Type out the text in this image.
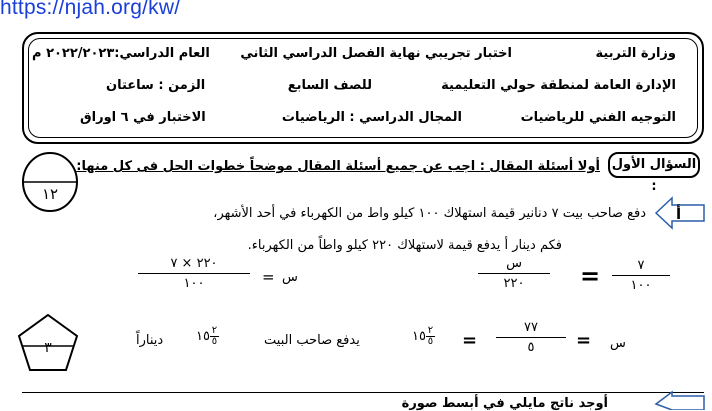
https://njah.org/kw/
وزارة التربية
اختبار تجريبي نهاية الفصل الدراسي الثاني
العام الدراسي:٢٠٢٢/٢٠٢٣ م
الإدارة العامة لمنطقة حولي التعليمية
للصف السابع
الزمن : ساعتان
التوجيه الفني للرياضيات
المجال الدراسي : الرياضيات
الاختبار في ٦ اوراق
١٢
السؤال الأول :
أولا أسئلة المقال : اجب عن جميع أسئلة المقال موضحاً خطوات الحل فى كل منها:
أ
دفع صاحب بيت ٧ دنانير قيمة استهلاك ١٠٠ كيلو واط من الكهرباء في أحد الأشهر،
فكم دينار أ يدفع قيمة لاستهلاك ٢٢٠ كيلو واطاً من الكهرباء.
٧
١٠٠
=
س
٢٢٠
س
=
٢٢٠ × ٧
١٠٠
س
=
٧٧
٥
=
١٥ ٢
٥
يدفع صاحب البيت
١٥ ٢
٥
ديناراً
٣
أوجد ناتج مايلي في أبسط صورة
